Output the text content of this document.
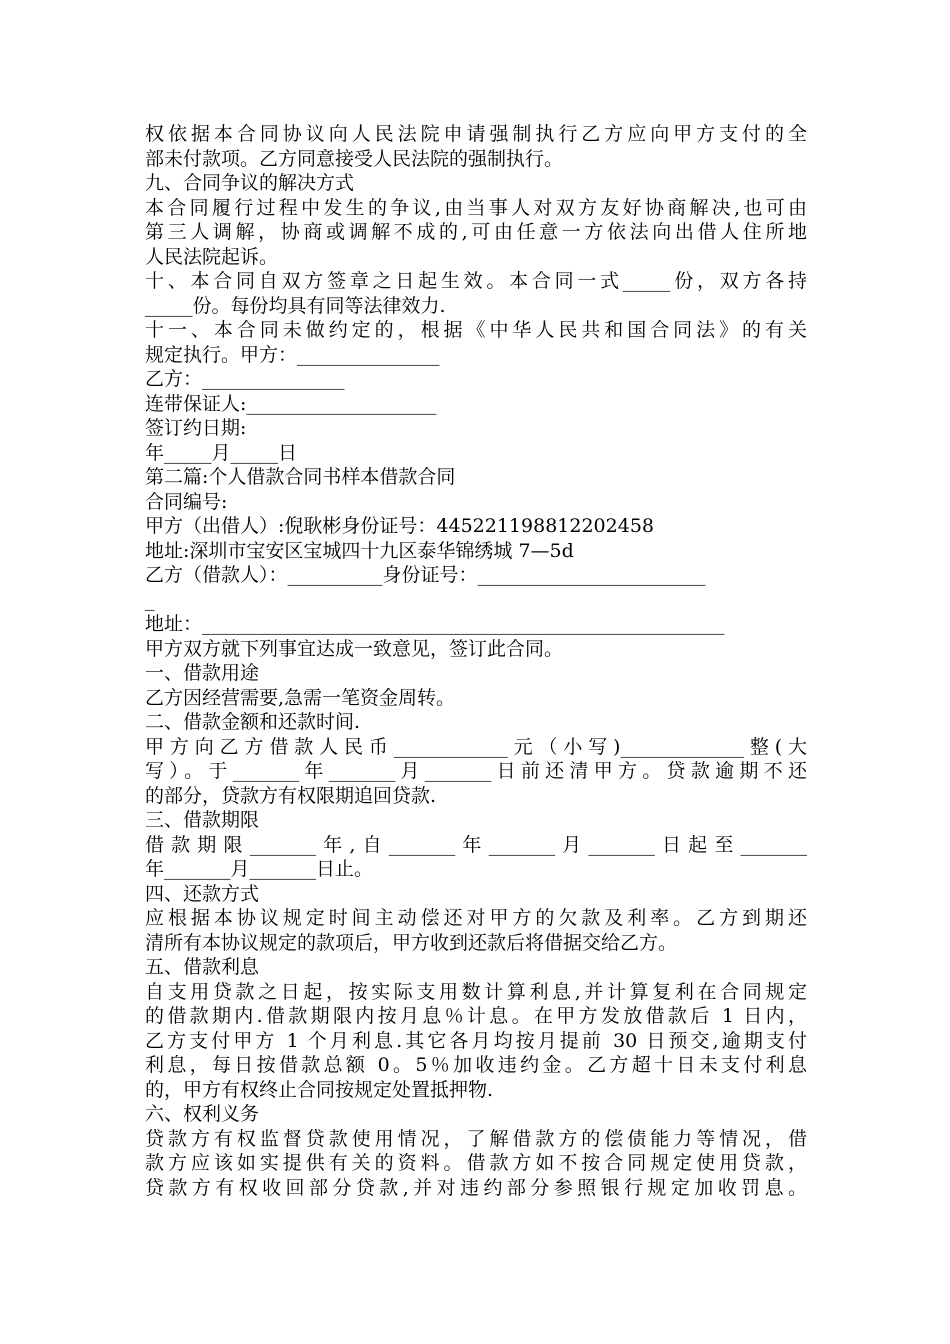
权依据本合同协议向人民法院申请强制执行乙方应向甲方支付的全
部未付款项。乙方同意接受人民法院的强制执行。
九、合同争议的解决方式
本合同履行过程中发生的争议,由当事人对双方友好协商解决,也可由
第三人调解，协商或调解不成的,可由任意一方依法向出借人住所地
人民法院起诉。
十、本合同自双方签章之日起生效。本合同一式_____份，双方各持
_____份。每份均具有同等法律效力.
十一、本合同未做约定的，根据《中华人民共和国合同法》的有关
规定执行。甲方：_______________
乙方：_______________
连带保证人:____________________
签订约日期:
年_____月_____日
第二篇:个人借款合同书样本借款合同
合同编号:
甲方（出借人）:倪耿彬身份证号：445221198812202458
地址:深圳市宝安区宝城四十九区泰华锦绣城 7—5d
乙方（借款人）：__________身份证号：________________________
_
地址：_______________________________________________________
甲方双方就下列事宜达成一致意见，签订此合同。
一、借款用途
乙方因经营需要,急需一笔资金周转。
二、借款金额和还款时间.
甲方向乙方借款人民币____________元（小写)_____________整(大
写）。于_______年_______月_______日前还清甲方。贷款逾期不还
的部分，贷款方有权限期追回贷款.
三、借款期限
借款期限_______年,自_______年_______月_______日起至_______
年_______月_______日止。
四、还款方式
应根据本协议规定时间主动偿还对甲方的欠款及利率。乙方到期还
清所有本协议规定的款项后，甲方收到还款后将借据交给乙方。
五、借款利息
自支用贷款之日起，按实际支用数计算利息,并计算复利在合同规定
的借款期内.借款期限内按月息％计息。在甲方发放借款后 1 日内，
乙方支付甲方 1 个月利息.其它各月均按月提前 30 日预交,逾期支付
利息，每日按借款总额 0。5％加收违约金。乙方超十日未支付利息
的，甲方有权终止合同按规定处置抵押物.
六、权利义务
贷款方有权监督贷款使用情况，了解借款方的偿债能力等情况，借
款方应该如实提供有关的资料。借款方如不按合同规定使用贷款，
贷款方有权收回部分贷款,并对违约部分参照银行规定加收罚息。
